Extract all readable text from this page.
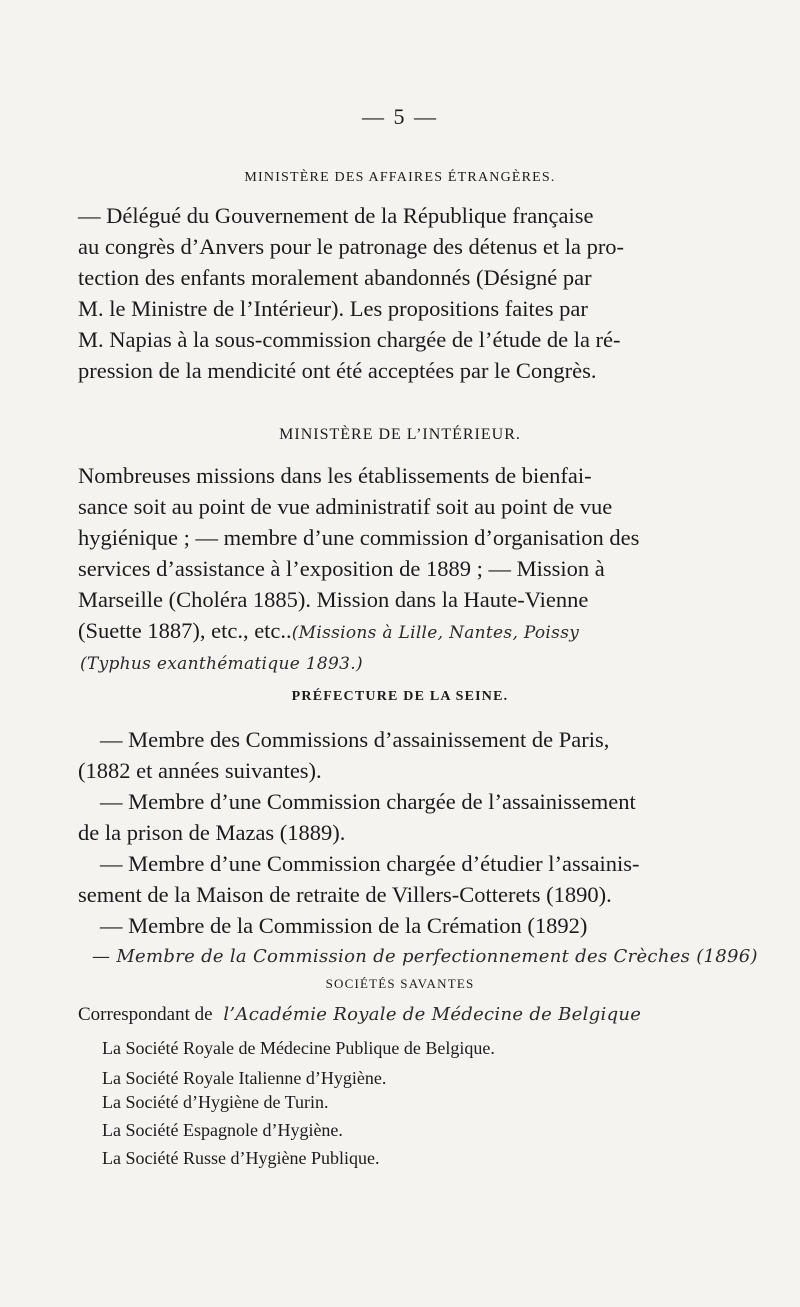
— 5 —
MINISTÈRE DES AFFAIRES ÉTRANGÈRES.
— Délégué du Gouvernement de la République française
au congrès d’Anvers pour le patronage des détenus et la pro-
tection des enfants moralement abandonnés (Désigné par
M. le Ministre de l’Intérieur). Les propositions faites par
M. Napias à la sous-commission chargée de l’étude de la ré-
pression de la mendicité ont été acceptées par le Congrès.
MINISTÈRE DE L’INTÉRIEUR.
Nombreuses missions dans les établissements de bienfai-
sance soit au point de vue administratif soit au point de vue
hygiénique ; — membre d’une commission d’organisation des
services d’assistance à l’exposition de 1889 ; — Mission à
Marseille (Choléra 1885). Mission dans la Haute-Vienne
(Suette 1887), etc., etc..(Missions à Lille, Nantes, Poissy
(Typhus exanthématique 1893.)
PRÉFECTURE DE LA SEINE.
— Membre des Commissions d’assainissement de Paris,
(1882 et années suivantes).
— Membre d’une Commission chargée de l’assainissement
de la prison de Mazas (1889).
— Membre d’une Commission chargée d’étudier l’assainis-
sement de la Maison de retraite de Villers-Cotterets (1890).
— Membre de la Commission de la Crémation (1892)
— Membre de la Commission de perfectionnement des Crèches (1896)
SOCIÉTÉS SAVANTES
Correspondant de l’Académie Royale de Médecine de Belgique
La Société Royale de Médecine Publique de Belgique.
La Société Royale Italienne d’Hygiène.
La Société d’Hygiène de Turin.
La Société Espagnole d’Hygiène.
La Société Russe d’Hygiène Publique.
